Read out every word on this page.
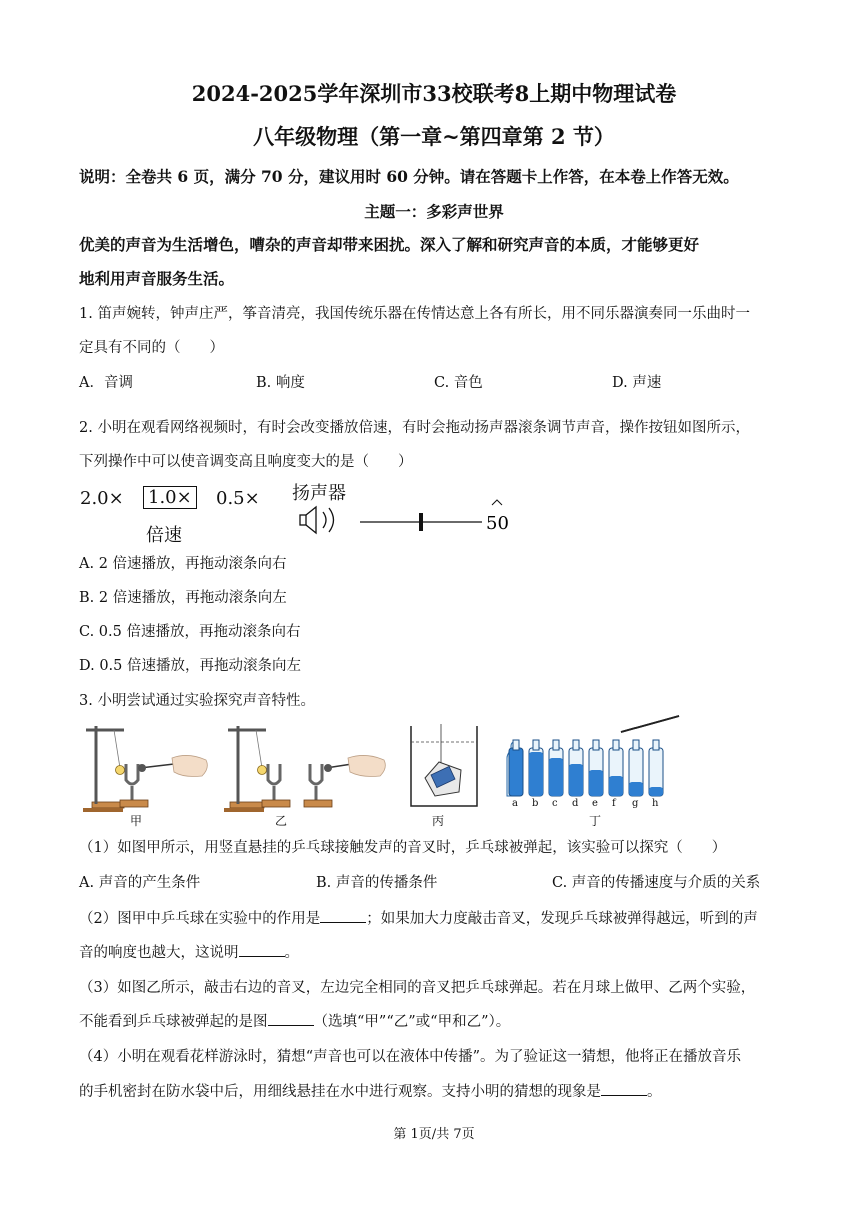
2024-2025学年深圳市33校联考8上期中物理试卷
八年级物理（第一章~第四章第 2 节）
说明：全卷共 6 页，满分 70 分，建议用时 60 分钟。请在答题卡上作答，在本卷上作答无效。
主题一：多彩声世界
优美的声音为生活增色，嘈杂的声音却带来困扰。深入了解和研究声音的本质，才能够更好
地利用声音服务生活。
1. 笛声婉转，钟声庄严，筝音清亮，我国传统乐器在传情达意上各有所长，用不同乐器演奏同一乐曲时一
定具有不同的（　　）
A．音调	B. 响度	C. 音色	D. 声速
2. 小明在观看网络视频时，有时会改变播放倍速，有时会拖动扬声器滚条调节声音，操作按钮如图所示，
下列操作中可以使音调变高且响度变大的是（　　）
2.0× 1.0× 0.5×
倍速
扬声器
50
A. 2 倍速播放，再拖动滚条向右
B. 2 倍速播放，再拖动滚条向左
C. 0.5 倍速播放，再拖动滚条向右
D. 0.5 倍速播放，再拖动滚条向左
3. 小明尝试通过实验探究声音特性。
甲	乙	丙
a b c d e f g h
丁
（1）如图甲所示，用竖直悬挂的乒乓球接触发声的音叉时，乒乓球被弹起，该实验可以探究（　　）
A. 声音的产生条件	B. 声音的传播条件	C. 声音的传播速度与介质的关系
（2）图甲中乒乓球在实验中的作用是	；如果加大力度敲击音叉，发现乒乓球被弹得越远，听到的声
音的响度也越大，这说明	。
（3）如图乙所示，敲击右边的音叉，左边完全相同的音叉把乒乓球弹起。若在月球上做甲、乙两个实验，
不能看到乒乓球被弹起的是图	（选填“甲”“乙”或“甲和乙”）。
（4）小明在观看花样游泳时，猜想“声音也可以在液体中传播”。为了验证这一猜想，他将正在播放音乐
的手机密封在防水袋中后，用细线悬挂在水中进行观察。支持小明的猜想的现象是	。
第 1页/共 7页
